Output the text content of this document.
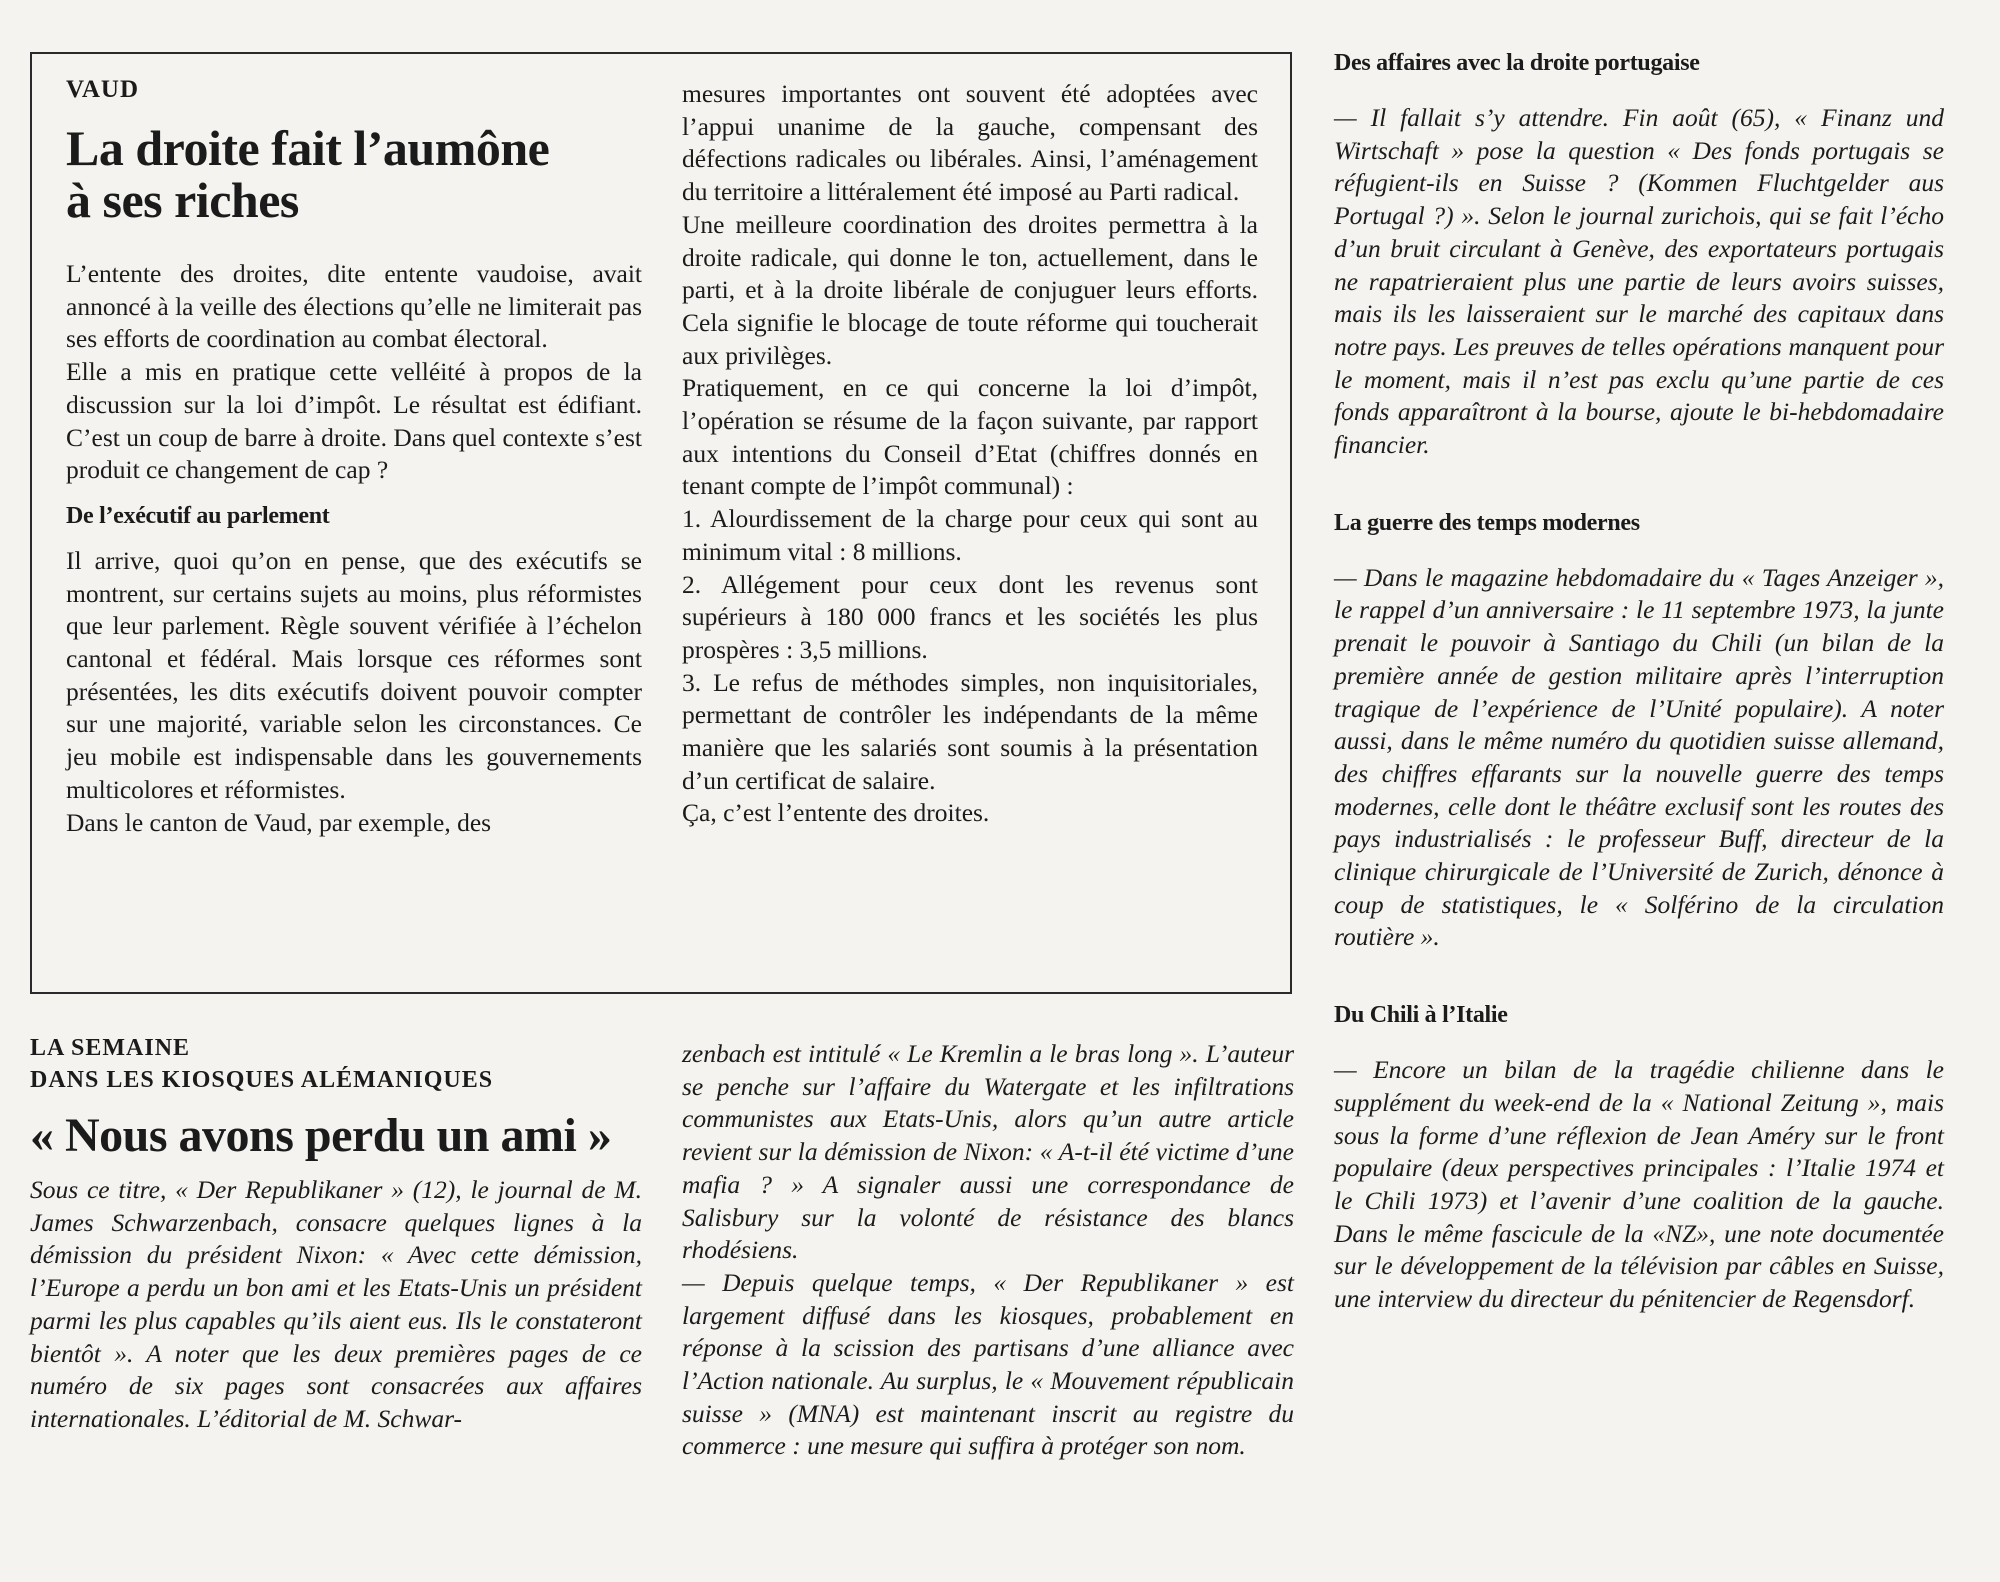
VAUD
La droite fait l’aumône
à ses riches

L’entente des droites, dite entente vaudoise, avait annoncé à la veille des élections qu’elle ne limiterait pas ses efforts de coordination au combat électoral.

Elle a mis en pratique cette velléité à propos de la discussion sur la loi d’impôt. Le résultat est édifiant. C’est un coup de barre à droite. Dans quel contexte s’est produit ce changement de cap ?

De l’exécutif au parlement

Il arrive, quoi qu’on en pense, que des exécutifs se montrent, sur certains sujets au moins, plus réformistes que leur parlement. Règle souvent vérifiée à l’échelon cantonal et fédéral. Mais lorsque ces réformes sont présentées, les dits exécutifs doivent pouvoir compter sur une majorité, variable selon les circonstances. Ce jeu mobile est indispensable dans les gouvernements multicolores et réformistes.

Dans le canton de Vaud, par exemple, des

mesures importantes ont souvent été adoptées avec l’appui unanime de la gauche, compensant des défections radicales ou libérales. Ainsi, l’aménagement du territoire a littéralement été imposé au Parti radical.

Une meilleure coordination des droites permettra à la droite radicale, qui donne le ton, actuellement, dans le parti, et à la droite libérale de conjuguer leurs efforts. Cela signifie le blocage de toute réforme qui toucherait aux privilèges.

Pratiquement, en ce qui concerne la loi d’impôt, l’opération se résume de la façon suivante, par rapport aux intentions du Conseil d’Etat (chiffres donnés en tenant compte de l’impôt communal) :

1. Alourdissement de la charge pour ceux qui sont au minimum vital : 8 millions.

2. Allégement pour ceux dont les revenus sont supérieurs à 180 000 francs et les sociétés les plus prospères : 3,5 millions.

3. Le refus de méthodes simples, non inquisitoriales, permettant de contrôler les indépendants de la même manière que les salariés sont soumis à la présentation d’un certificat de salaire.

Ça, c’est l’entente des droites.

LA SEMAINE
DANS LES KIOSQUES ALÉMANIQUES
« Nous avons perdu un ami »

Sous ce titre, « Der Republikaner » (12), le journal de M. James Schwarzenbach, consacre quelques lignes à la démission du président Nixon: « Avec cette démission, l’Europe a perdu un bon ami et les Etats-Unis un président parmi les plus capables qu’ils aient eus. Ils le constateront bientôt ». A noter que les deux premières pages de ce numéro de six pages sont consacrées aux affaires internationales. L’éditorial de M. Schwar-

zenbach est intitulé « Le Kremlin a le bras long ». L’auteur se penche sur l’affaire du Watergate et les infiltrations communistes aux Etats-Unis, alors qu’un autre article revient sur la démission de Nixon: « A-t-il été victime d’une mafia ? » A signaler aussi une correspondance de Salisbury sur la volonté de résistance des blancs rhodésiens.

— Depuis quelque temps, « Der Republikaner » est largement diffusé dans les kiosques, probablement en réponse à la scission des partisans d’une alliance avec l’Action nationale. Au surplus, le « Mouvement républicain suisse » (MNA) est maintenant inscrit au registre du commerce : une mesure qui suffira à protéger son nom.

Des affaires avec la droite portugaise

— Il fallait s’y attendre. Fin août (65), « Finanz und Wirtschaft » pose la question « Des fonds portugais se réfugient-ils en Suisse ? (Kommen Fluchtgelder aus Portugal ?) ». Selon le journal zurichois, qui se fait l’écho d’un bruit circulant à Genève, des exportateurs portugais ne rapatrieraient plus une partie de leurs avoirs suisses, mais ils les laisseraient sur le marché des capitaux dans notre pays. Les preuves de telles opérations manquent pour le moment, mais il n’est pas exclu qu’une partie de ces fonds apparaîtront à la bourse, ajoute le bi-hebdomadaire financier.

La guerre des temps modernes

— Dans le magazine hebdomadaire du « Tages Anzeiger », le rappel d’un anniversaire : le 11 septembre 1973, la junte prenait le pouvoir à Santiago du Chili (un bilan de la première année de gestion militaire après l’interruption tragique de l’expérience de l’Unité populaire). A noter aussi, dans le même numéro du quotidien suisse allemand, des chiffres effarants sur la nouvelle guerre des temps modernes, celle dont le théâtre exclusif sont les routes des pays industrialisés : le professeur Buff, directeur de la clinique chirurgicale de l’Université de Zurich, dénonce à coup de statistiques, le « Solférino de la circulation routière ».

Du Chili à l’Italie

— Encore un bilan de la tragédie chilienne dans le supplément du week-end de la « National Zeitung », mais sous la forme d’une réflexion de Jean Améry sur le front populaire (deux perspectives principales : l’Italie 1974 et le Chili 1973) et l’avenir d’une coalition de la gauche. Dans le même fascicule de la «NZ», une note documentée sur le développement de la télévision par câbles en Suisse, une interview du directeur du pénitencier de Regensdorf.
